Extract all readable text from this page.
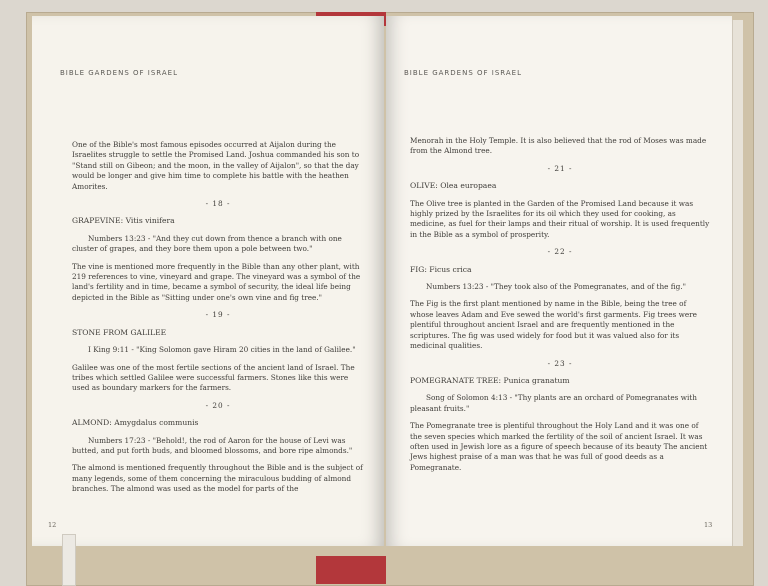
BIBLE GARDENS OF ISRAEL

One of the Bible's most famous episodes occurred at Aijalon during the Israelites struggle to settle the Promised Land. Joshua commanded his son to "Stand still on Gibeon; and the moon, in the valley of Aijalon", so that the day would be longer and give him time to complete his battle with the heathen Amorites.

- 18 -
GRAPEVINE: Vitis vinifera
Numbers 13:23 - "And they cut down from thence a branch with one cluster of grapes, and they bore them upon a pole between two."

The vine is mentioned more frequently in the Bible than any other plant, with 219 references to vine, vineyard and grape. The vineyard was a symbol of the land's fertility and in time, became a symbol of security, the ideal life being depicted in the Bible as "Sitting under one's own vine and fig tree."

- 19 -
STONE FROM GALILEE
I King 9:11 - "King Solomon gave Hiram 20 cities in the land of Galilee."

Galilee was one of the most fertile sections of the ancient land of Israel. The tribes which settled Galilee were successful farmers. Stones like this were used as boundary markers for the farmers.

- 20 -
ALMOND: Amygdalus communis
Numbers 17:23 - "Behold!, the rod of Aaron for the house of Levi was butted, and put forth buds, and bloomed blossoms, and bore ripe almonds."

The almond is mentioned frequently throughout the Bible and is the subject of many legends, some of them concerning the miraculous budding of almond branches. The almond was used as the model for parts of the

12
BIBLE GARDENS OF ISRAEL

Menorah in the Holy Temple. It is also believed that the rod of Moses was made from the Almond tree.

- 21 -
OLIVE: Olea europaea

The Olive tree is planted in the Garden of the Promised Land because it was highly prized by the Israelites for its oil which they used for cooking, as medicine, as fuel for their lamps and their ritual of worship. It is used frequently in the Bible as a symbol of prosperity.

- 22 -
FIG: Ficus crica
Numbers 13:23 - "They took also of the Pomegranates, and of the fig."

The Fig is the first plant mentioned by name in the Bible, being the tree of whose leaves Adam and Eve sewed the world's first garments. Fig trees were plentiful throughout ancient Israel and are frequently mentioned in the scriptures. The fig was used widely for food but it was valued also for its medicinal qualities.

- 23 -
POMEGRANATE TREE: Punica granatum
Song of Solomon 4:13 - "Thy plants are an orchard of Pomegranates with pleasant fruits."

The Pomegranate tree is plentiful throughout the Holy Land and it was one of the seven species which marked the fertility of the soil of ancient Israel. It was often used in Jewish lore as a figure of speech because of its beauty The ancient Jews highest praise of a man was that he was full of good deeds as a Pomegranate.

13
